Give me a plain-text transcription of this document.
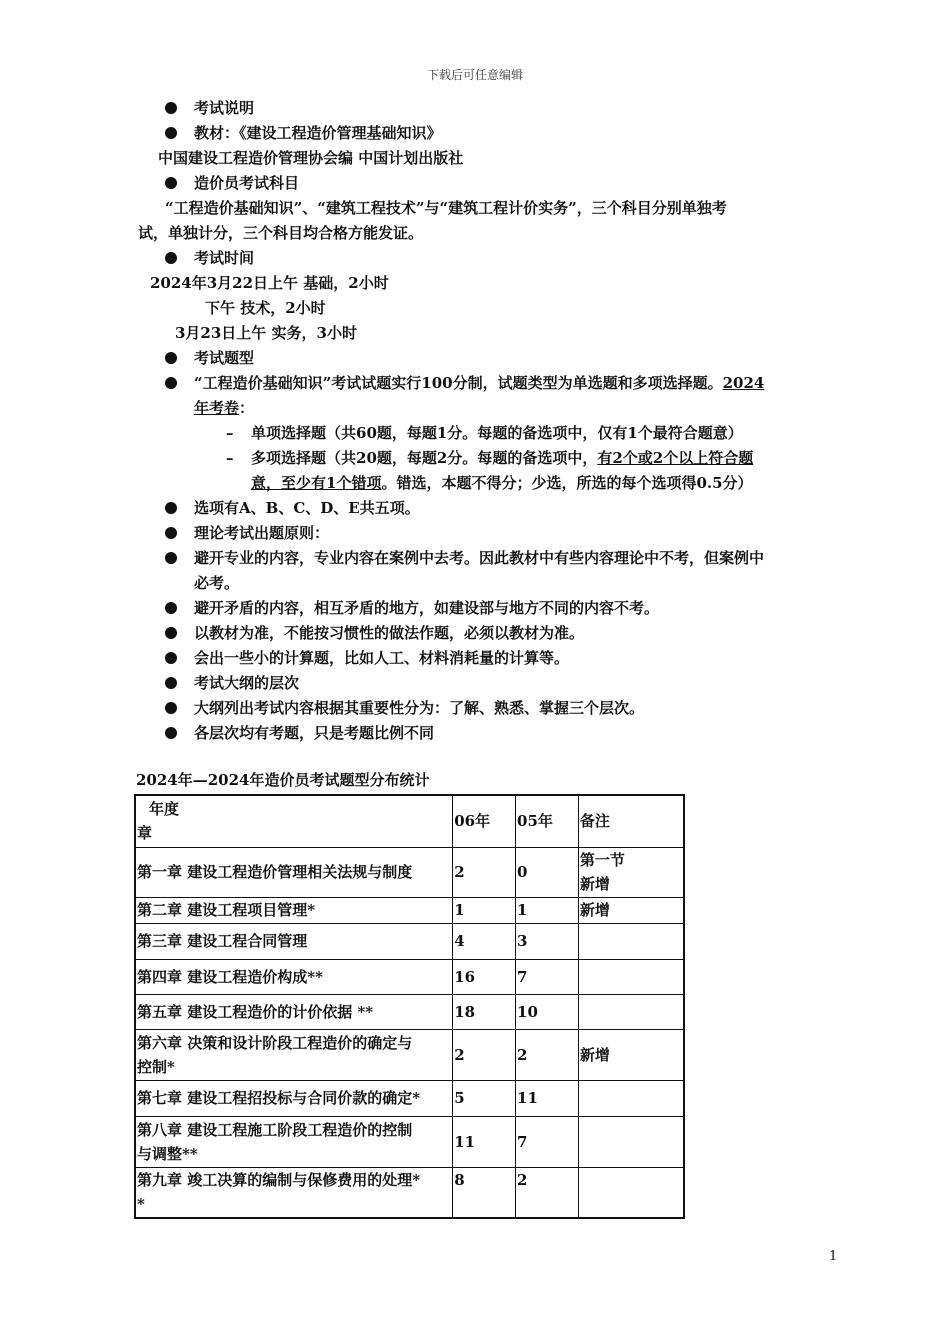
下载后可任意编辑
考试说明
教材：《建设工程造价管理基础知识》
中国建设工程造价管理协会编 中国计划出版社
造价员考试科目
“工程造价基础知识”、“建筑工程技术”与“建筑工程计价实务”，三个科目分别单独考
试，单独计分，三个科目均合格方能发证。
考试时间
2024年3月22日上午 基础，2小时
下午 技术，2小时
3月23日上午 实务，3小时
考试题型
“工程造价基础知识”考试试题实行100分制，试题类型为单选题和多项选择题。2024
年考卷：
– 单项选择题（共60题，每题1分。每题的备选项中，仅有1个最符合题意）
– 多项选择题（共20题，每题2分。每题的备选项中，有2个或2个以上符合题
意，至少有1个错项。错选，本题不得分；少选，所选的每个选项得0.5分）
选项有A、B、C、D、E共五项。
理论考试出题原则：
避开专业的内容，专业内容在案例中去考。因此教材中有些内容理论中不考，但案例中
必考。
避开矛盾的内容，相互矛盾的地方，如建设部与地方不同的内容不考。
以教材为准，不能按习惯性的做法作题，必须以教材为准。
会出一些小的计算题，比如人工、材料消耗量的计算等。
考试大纲的层次
大纲列出考试内容根据其重要性分为：了解、熟悉、掌握三个层次。
各层次均有考题，只是考题比例不同
2024年—2024年造价员考试题型分布统计
年度
章	06年	05年	备注
第一章 建设工程造价管理相关法规与制度	2	0	第一节
新增

第二章 建设工程项目管理*	1	1	新增
第三章 建设工程合同管理	4	3	
第四章 建设工程造价构成**	16	7	
第五章 建设工程造价的计价依据 **	18	10	

第六章 决策和设计阶段工程造价的确定与
控制*	2	2	新增
第七章 建设工程招投标与合同价款的确定*	5	11	

第八章 建设工程施工阶段工程造价的控制
与调整**	11	7	

第九章 竣工决算的编制与保修费用的处理*
*	8	2	
1
